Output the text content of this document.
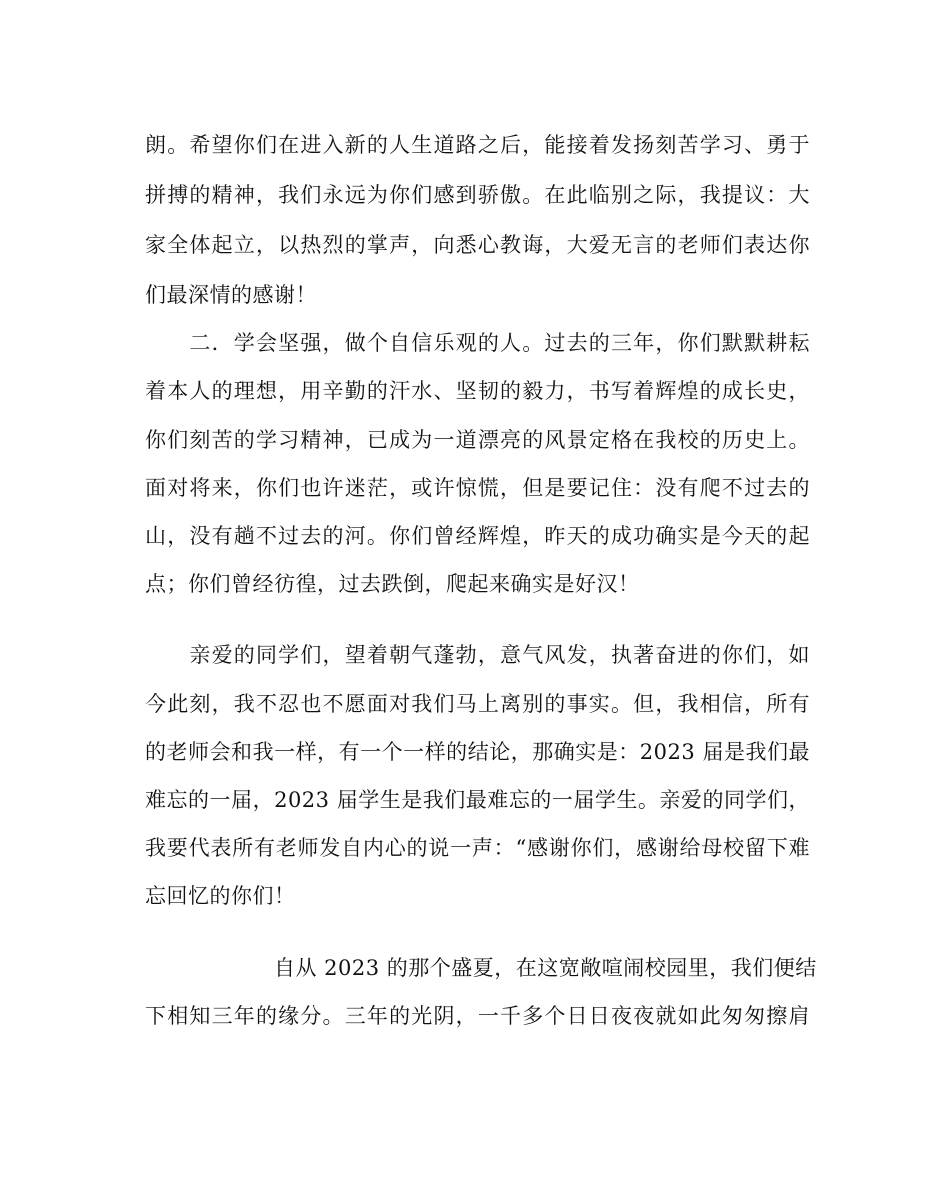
朗。希望你们在进入新的人生道路之后，能接着发扬刻苦学习、勇于
拼搏的精神，我们永远为你们感到骄傲。在此临别之际，我提议：大
家全体起立，以热烈的掌声，向悉心教诲，大爱无言的老师们表达你
们最深情的感谢！
　　二．学会坚强，做个自信乐观的人。过去的三年，你们默默耕耘
着本人的理想，用辛勤的汗水、坚韧的毅力，书写着辉煌的成长史，
你们刻苦的学习精神，已成为一道漂亮的风景定格在我校的历史上。
面对将来，你们也许迷茫，或许惊慌，但是要记住：没有爬不过去的
山，没有趟不过去的河。你们曾经辉煌，昨天的成功确实是今天的起
点；你们曾经彷徨，过去跌倒，爬起来确实是好汉！
　　亲爱的同学们，望着朝气蓬勃，意气风发，执著奋进的你们，如
今此刻，我不忍也不愿面对我们马上离别的事实。但，我相信，所有
的老师会和我一样，有一个一样的结论，那确实是：2023 届是我们最
难忘的一届，2023 届学生是我们最难忘的一届学生。亲爱的同学们，
我要代表所有老师发自内心的说一声：“感谢你们，感谢给母校留下难
忘回忆的你们！
　　　　　　自从 2023 的那个盛夏，在这宽敞喧闹校园里，我们便结
下相知三年的缘分。三年的光阴，一千多个日日夜夜就如此匆匆擦肩
